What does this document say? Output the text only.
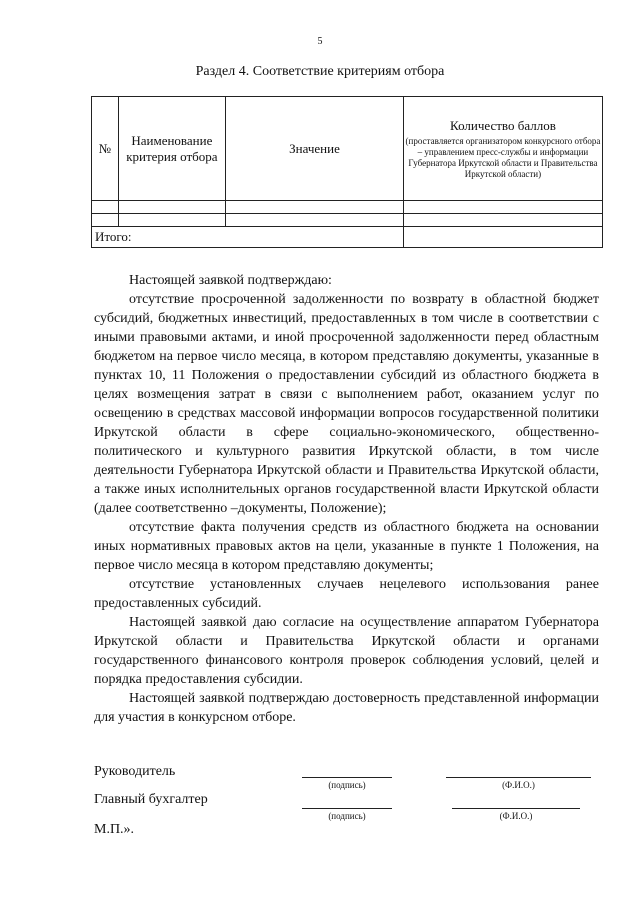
5
Раздел 4. Соответствие критериям отбора
№	Наименование критерия отбора	Значение	Количество баллов
(проставляется организатором конкурсного отбора – управлением пресс-службы и информации Губернатора Иркутской области и Правительства Иркутской области)

Итого:			

Настоящей заявкой подтверждаю:

отсутствие просроченной задолженности по возврату в областной бюджет субсидий, бюджетных инвестиций, предоставленных в том числе в соответствии с иными правовыми актами, и иной просроченной задолженности перед областным бюджетом на первое число месяца, в котором представляю документы, указанные в пунктах 10, 11 Положения о предоставлении субсидий из областного бюджета в целях возмещения затрат в связи с выполнением работ, оказанием услуг по освещению в средствах массовой информации вопросов государственной политики Иркутской области в сфере социально-экономического, общественно-политического и культурного развития Иркутской области, в том числе деятельности Губернатора Иркутской области и Правительства Иркутской области, а также иных исполнительных органов государственной власти Иркутской области (далее соответственно –документы, Положение);

отсутствие факта получения средств из областного бюджета на основании иных нормативных правовых актов на цели, указанные в пункте 1 Положения, на первое число месяца в котором представляю документы;

отсутствие установленных случаев нецелевого использования ранее предоставленных субсидий.

Настоящей заявкой даю согласие на осуществление аппаратом Губернатора Иркутской области и Правительства Иркутской области и органами государственного финансового контроля проверок соблюдения условий, целей и порядка предоставления субсидии.

Настоящей заявкой подтверждаю достоверность представленной информации для участия в конкурсном отборе.

Руководитель
(подпись)	(Ф.И.О.)
Главный бухгалтер
(подпись)	(Ф.И.О.)
М.П.».
